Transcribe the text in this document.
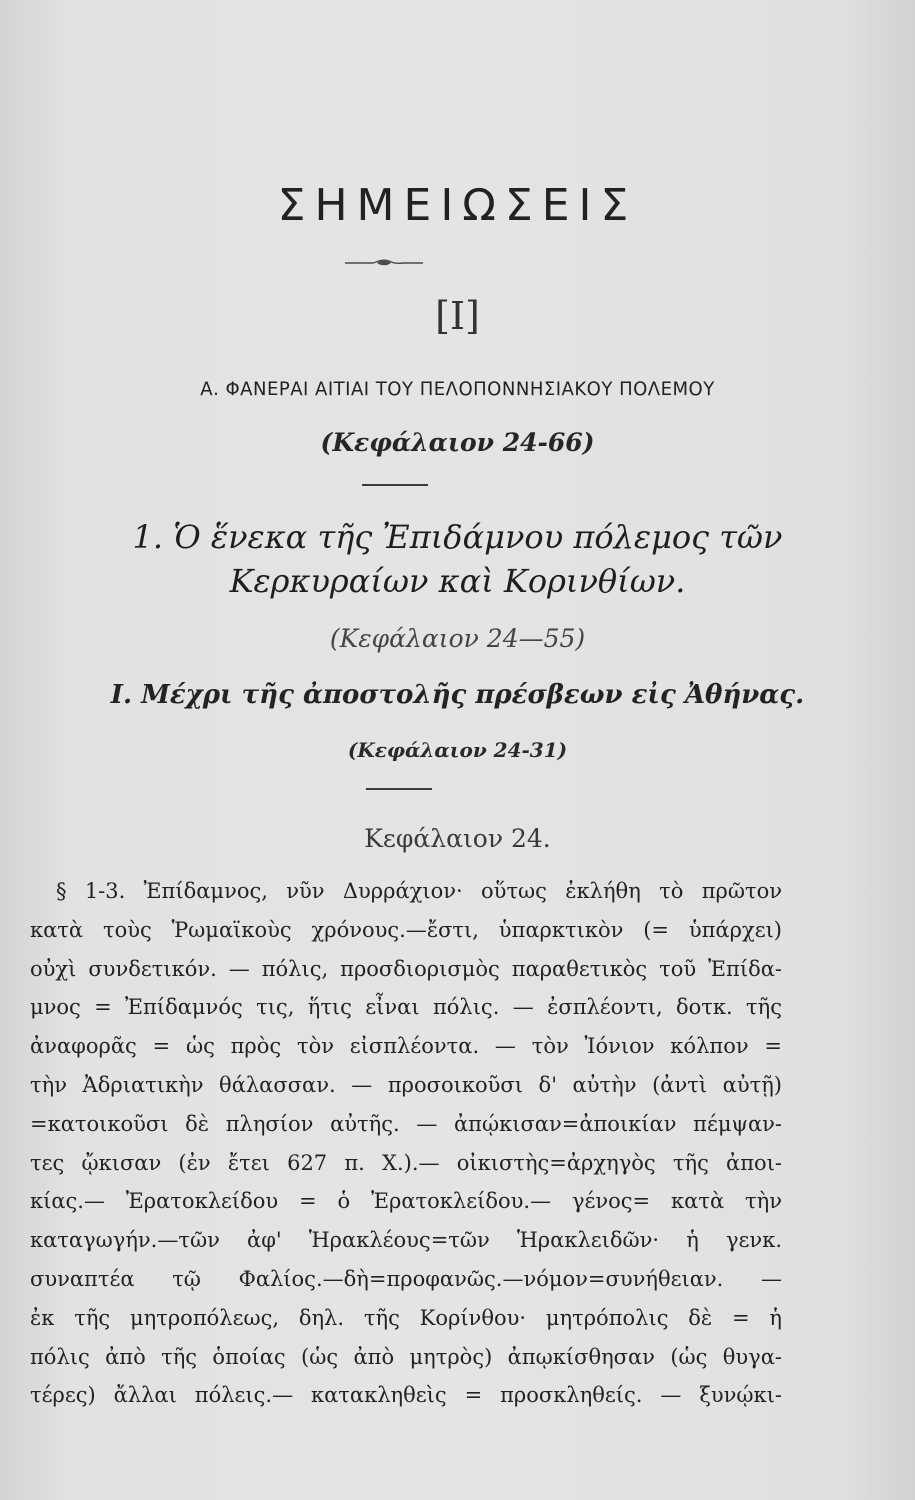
ΣΗΜΕΙΩΣΕΙΣ
[I]
Α. ΦΑΝΕΡΑΙ ΑΙΤΙΑΙ ΤΟΥ ΠΕΛΟΠΟΝΝΗΣΙΑΚΟΥ ΠΟΛΕΜΟΥ
(Κεφάλαιον 24-66)
1. Ὁ ἕνεκα τῆς Ἐπιδάμνου πόλεμος τῶν
Κερκυραίων καὶ Κορινθίων.
(Κεφάλαιον 24—55)
I. Μέχρι τῆς ἀποστολῆς πρέσβεων εἰς Ἀθήνας.
(Κεφάλαιον 24-31)
Κεφάλαιον 24.
§ 1-3. Ἐπίδαμνος, νῦν Δυρράχιον· οὕτως ἐκλήθη τὸ πρῶτον
κατὰ τοὺς Ῥωμαϊκοὺς χρόνους.—ἔστι, ὑπαρκτικὸν (= ὑπάρχει)
οὐχὶ συνδετικόν. — πόλις, προσδιορισμὸς παραθετικὸς τοῦ Ἐπίδα-
μνος = Ἐπίδαμνός τις, ἥτις εἶναι πόλις. — ἐσπλέοντι, δοτκ. τῆς
ἀναφορᾶς = ὡς πρὸς τὸν εἰσπλέοντα. — τὸν Ἰόνιον κόλπον =
τὴν Ἀδριατικὴν θάλασσαν. — προσοικοῦσι δ' αὐτὴν (ἀντὶ αὐτῇ)
=κατοικοῦσι δὲ πλησίον αὐτῆς. — ἀπῴκισαν=ἀποικίαν πέμψαν-
τες ᾤκισαν (ἐν ἔτει 627 π. Χ.).— οἰκιστὴς=ἀρχηγὸς τῆς ἀποι-
κίας.— Ἐρατοκλείδου = ὁ Ἐρατοκλείδου.— γένος= κατὰ τὴν
καταγωγήν.—τῶν ἀφ' Ἡρακλέους=τῶν Ἡρακλειδῶν· ἡ γενκ.
συναπτέα τῷ Φαλίος.—δὴ=προφανῶς.—νόμον=συνήθειαν. —
ἐκ τῆς μητροπόλεως, δηλ. τῆς Κορίνθου· μητρόπολις δὲ = ἡ
πόλις ἀπὸ τῆς ὁποίας (ὡς ἀπὸ μητρὸς) ἀπῳκίσθησαν (ὡς θυγα-
τέρες) ἄλλαι πόλεις.— κατακληθεὶς = προσκληθείς. — ξυνῴκι-
